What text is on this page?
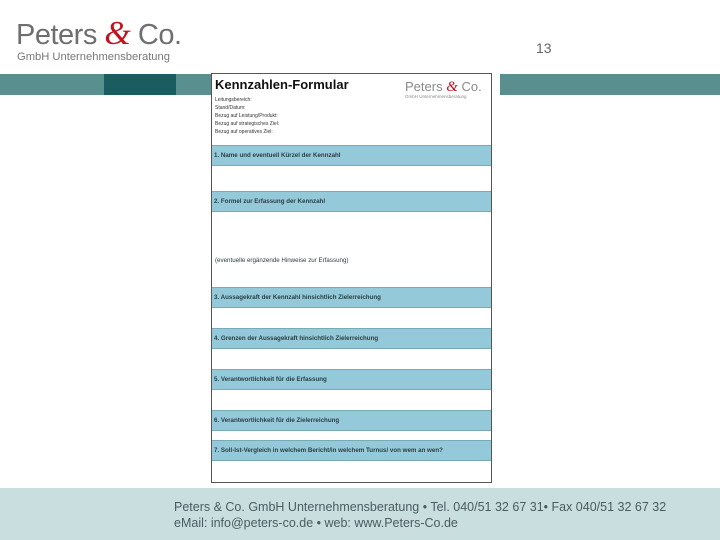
Peters & Co.
GmbH Unternehmensberatung
13
Kennzahlen-Formular
Leitungsbereich:
Stand/Datum:
Bezug auf Leistung/Produkt:
Bezug auf strategisches Ziel:
Bezug auf operatives Ziel:
Peters & Co.
GmbH Unternehmensberatung
1. Name und eventuell Kürzel der Kennzahl
2. Formel zur Erfassung der Kennzahl
(eventuelle ergänzende Hinweise zur Erfassung)
3. Aussagekraft der Kennzahl hinsichtlich Zielerreichung
4. Grenzen der Aussagekraft hinsichtlich Zielerreichung
5. Verantwortlichkeit für die Erfassung
6. Verantwortlichkeit für die Zielerreichung
7. Soll-Ist-Vergleich in welchem Bericht/in welchem Turnus/ von wem an wen?
Peters & Co. GmbH Unternehmensberatung • Tel. 040/51 32 67 31• Fax 040/51 32 67 32
eMail: info@peters-co.de • web: www.Peters-Co.de
